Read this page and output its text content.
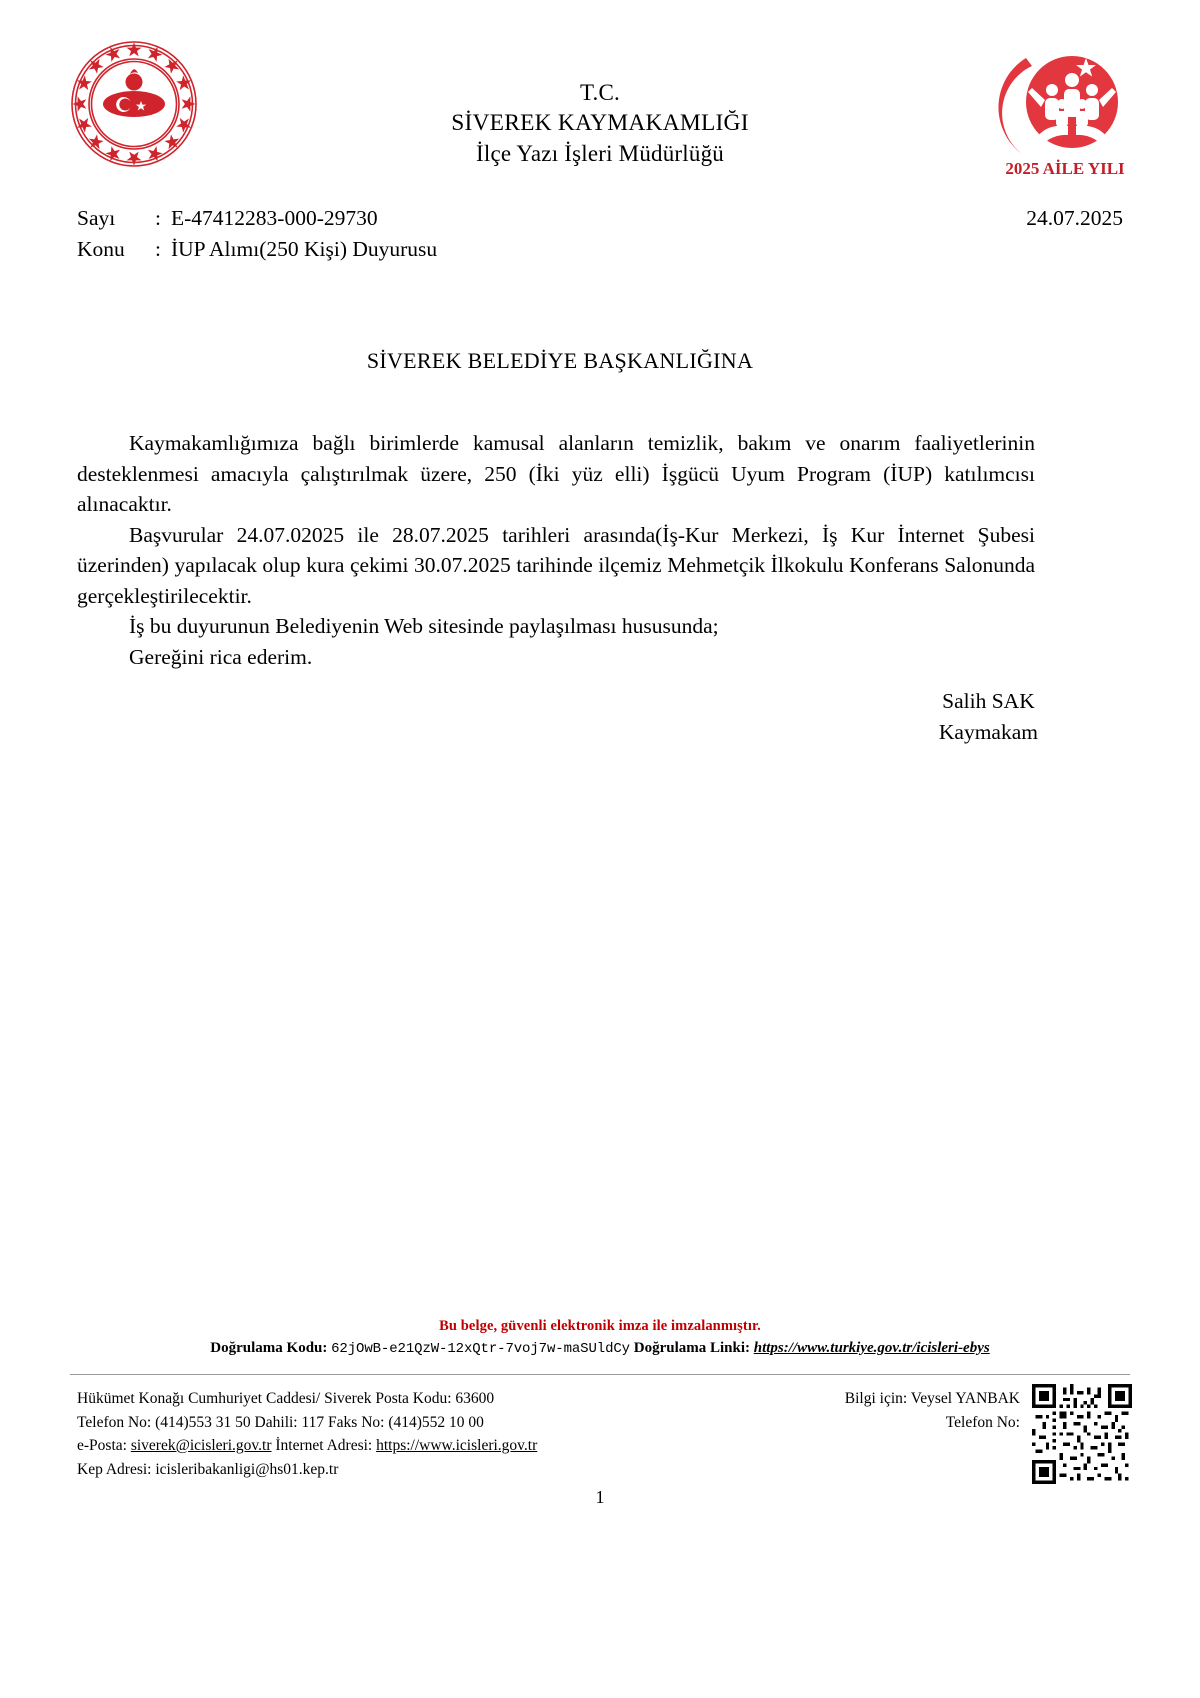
·
T.C.
SİVEREK KAYMAKAMLIĞI
İlçe Yazı İşleri Müdürlüğü
2025 AİLE YILI
Sayı	: E-47412283-000-29730
Konu	: İUP Alımı(250 Kişi) Duyurusu
24.07.2025
SİVEREK BELEDİYE BAŞKANLIĞINA

Kaymakamlığımıza bağlı birimlerde kamusal alanların temizlik, bakım ve onarım faaliyetlerinin desteklenmesi amacıyla çalıştırılmak üzere, 250 (İki yüz elli) İşgücü Uyum Program (İUP) katılımcısı alınacaktır.

Başvurular 24.07.02025 ile 28.07.2025 tarihleri arasında(İş-Kur Merkezi, İş Kur İnternet Şubesi üzerinden) yapılacak olup kura çekimi 30.07.2025 tarihinde ilçemiz Mehmetçik İlkokulu Konferans Salonunda gerçekleştirilecektir.

İş bu duyurunun Belediyenin Web sitesinde paylaşılması hususunda;

Gereğini rica ederim.

Salih SAK
Kaymakam
Bu belge, güvenli elektronik imza ile imzalanmıştır.
Doğrulama Kodu: 62jOwB-e21QzW-12xQtr-7voj7w-maSUldCy Doğrulama Linki: https://www.turkiye.gov.tr/icisleri-ebys
Hükümet Konağı Cumhuriyet Caddesi/ Siverek Posta Kodu: 63600
Telefon No: (414)553 31 50 Dahili: 117 Faks No: (414)552 10 00
e-Posta: siverek@icisleri.gov.tr İnternet Adresi: https://www.icisleri.gov.tr
Kep Adresi: icisleribakanligi@hs01.kep.tr
Bilgi için: Veysel YANBAK
Telefon No:
1
